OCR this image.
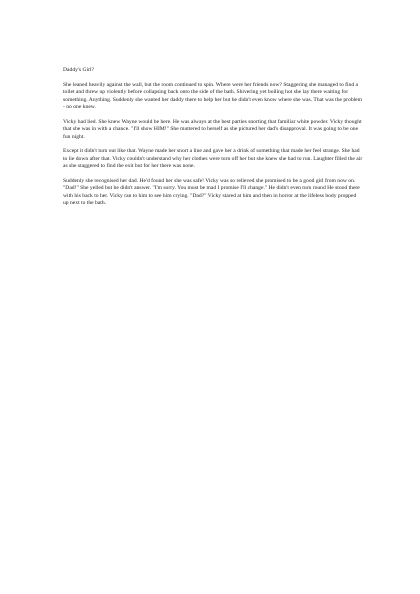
Daddy's Girl?

She leaned heavily against the wall, but the room continued to spin. Where were her friends now? Staggering she managed to find a toilet and threw up violently before collapsing back onto the side of the bath. Shivering yet boiling hot she lay there waiting for something. Anything. Suddenly she wanted her daddy there to help her but he didn't even know where she was. That was the problem - no one knew.

Vicky had lied. She knew Wayne would be here. He was always at the best parties snorting that familiar white powder. Vicky thought that she was in with a chance. "I'll show HIM!" She muttered to herself as she pictured her dad's disapproval. It was going to be one fun night.

Except it didn't turn out like that. Wayne made her snort a line and gave her a drink of something that made her feel strange. She had to lie down after that. Vicky couldn't understand why her clothes were torn off her but she knew she had to run. Laughter filled the air as she staggered to find the exit but for her there was none.

Suddenly she recognised her dad. He'd found her she was safe! Vicky was so relieved she promised to be a good girl from now on. "Dad!" She yelled but he didn't answer. "I'm sorry. You must be mad I promise I'll change." He didn't even turn round He stood there with his back to her. Vicky ran to him to see him crying. "Dad?" Vicky stared at him and then in horror at the lifeless body propped up next to the bath.
